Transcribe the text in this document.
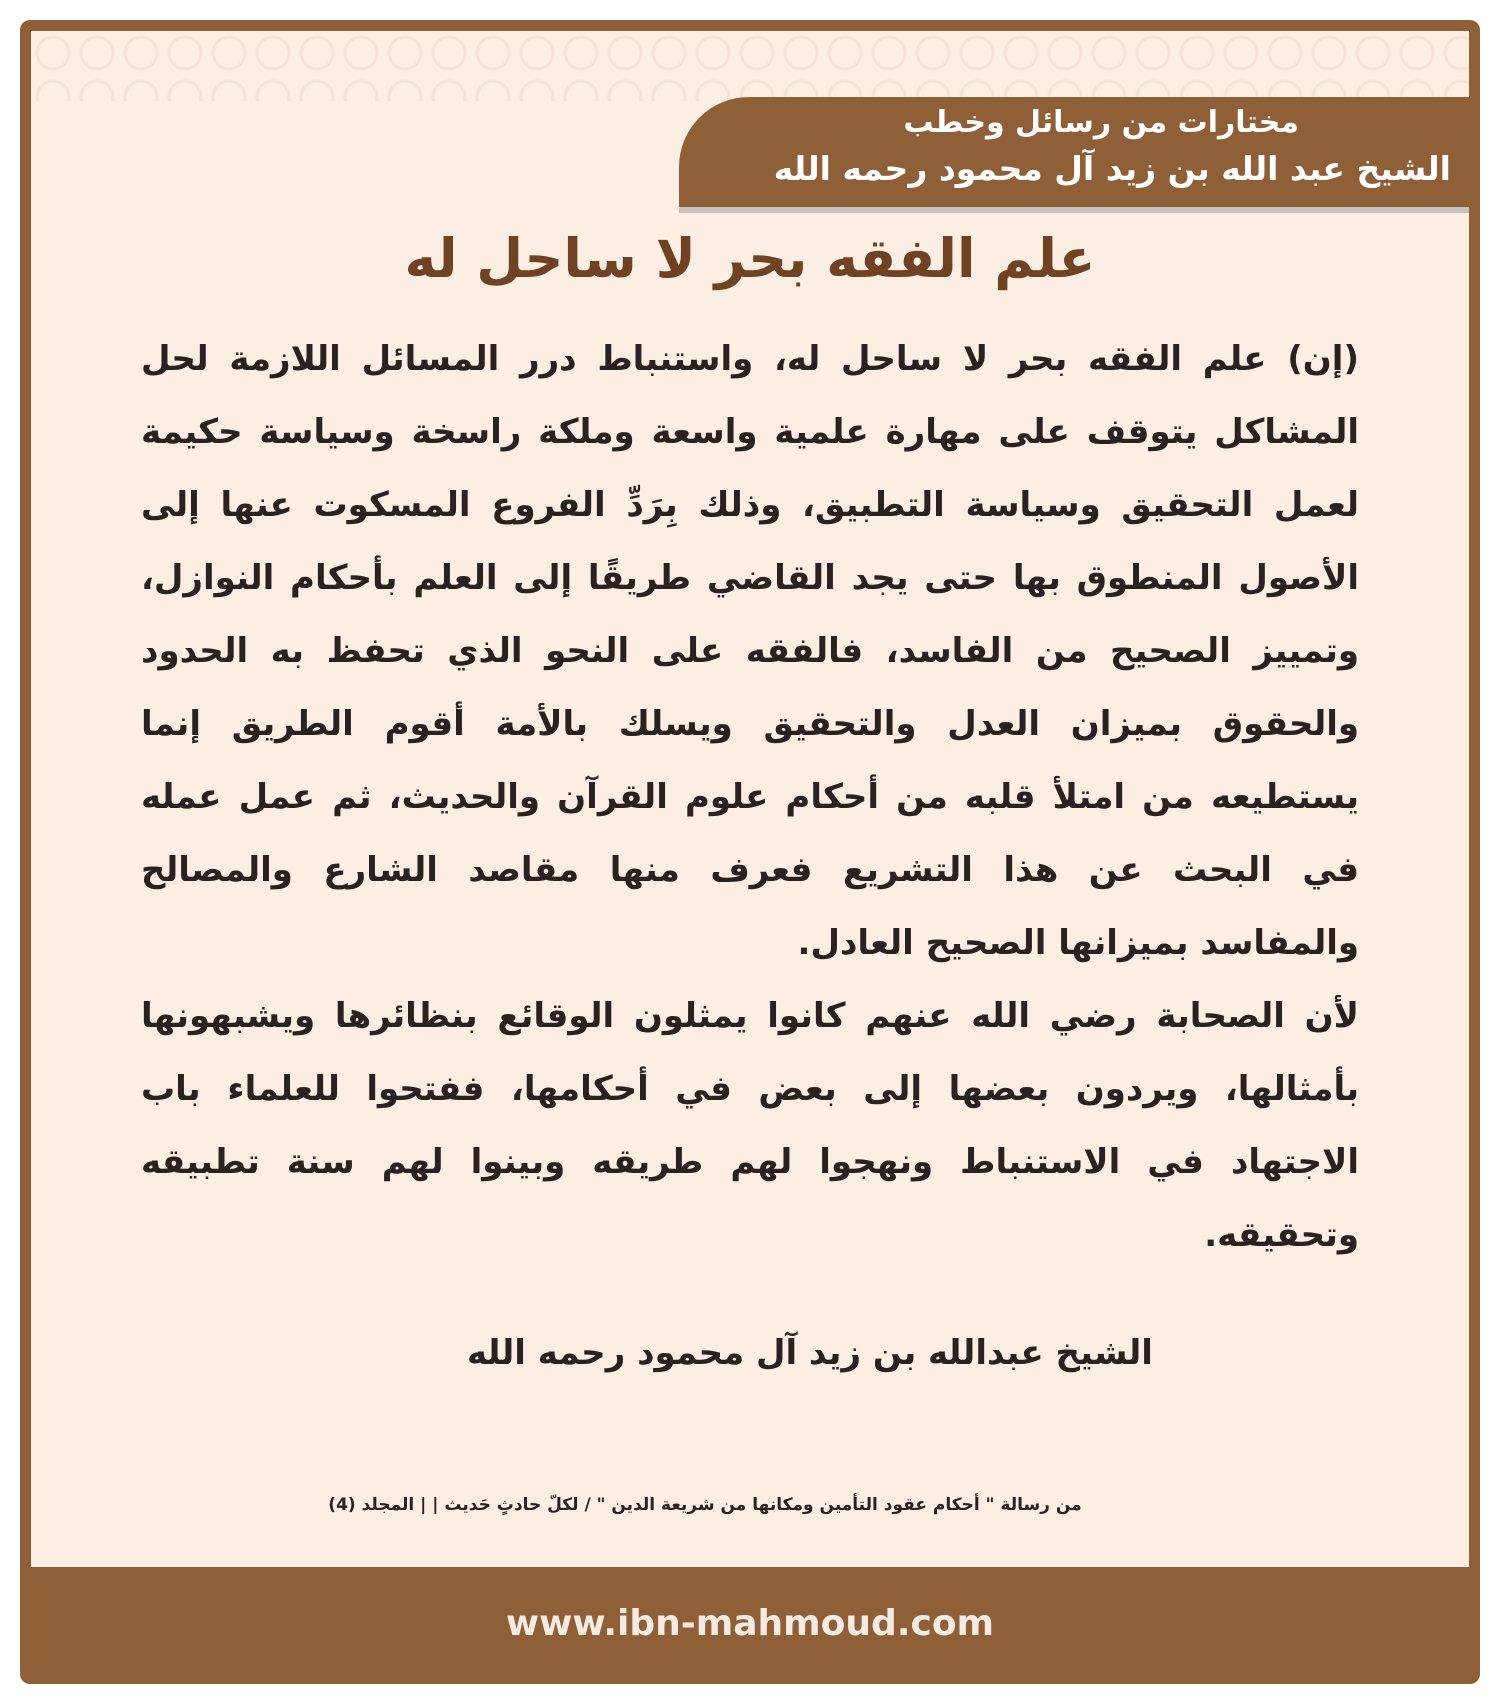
مختارات من رسائل وخطب
الشيخ عبد الله بن زيد آل محمود رحمه الله
علم الفقه بحر لا ساحل له

(إن) علم الفقه بحر لا ساحل له، واستنباط درر المسائل اللازمة لحل المشاكل يتوقف على مهارة علمية واسعة وملكة راسخة وسياسة حكيمة لعمل التحقيق وسياسة التطبيق، وذلك بِرَدِّ الفروع المسكوت عنها إلى الأصول المنطوق بها حتى يجد القاضي طريقًا إلى العلم بأحكام النوازل، وتمييز الصحيح من الفاسد، فالفقه على النحو الذي تحفظ به الحدود والحقوق بميزان العدل والتحقيق ويسلك بالأمة أقوم الطريق إنما يستطيعه من امتلأ قلبه من أحكام علوم القرآن والحديث، ثم عمل عمله في البحث عن هذا التشريع فعرف منها مقاصد الشارع والمصالح والمفاسد بميزانها الصحيح العادل.

لأن الصحابة رضي الله عنهم كانوا يمثلون الوقائع بنظائرها ويشبهونها بأمثالها، ويردون بعضها إلى بعض في أحكامها، ففتحوا للعلماء باب الاجتهاد في الاستنباط ونهجوا لهم طريقه وبينوا لهم سنة تطبيقه وتحقيقه.

الشيخ عبدالله بن زيد آل محمود رحمه الله
من رسالة " أحكام عقود التأمين ومكانها من شريعة الدين " / لكلّ حادثٍ حَديث | | المجلد (4)
www.ibn-mahmoud.com
